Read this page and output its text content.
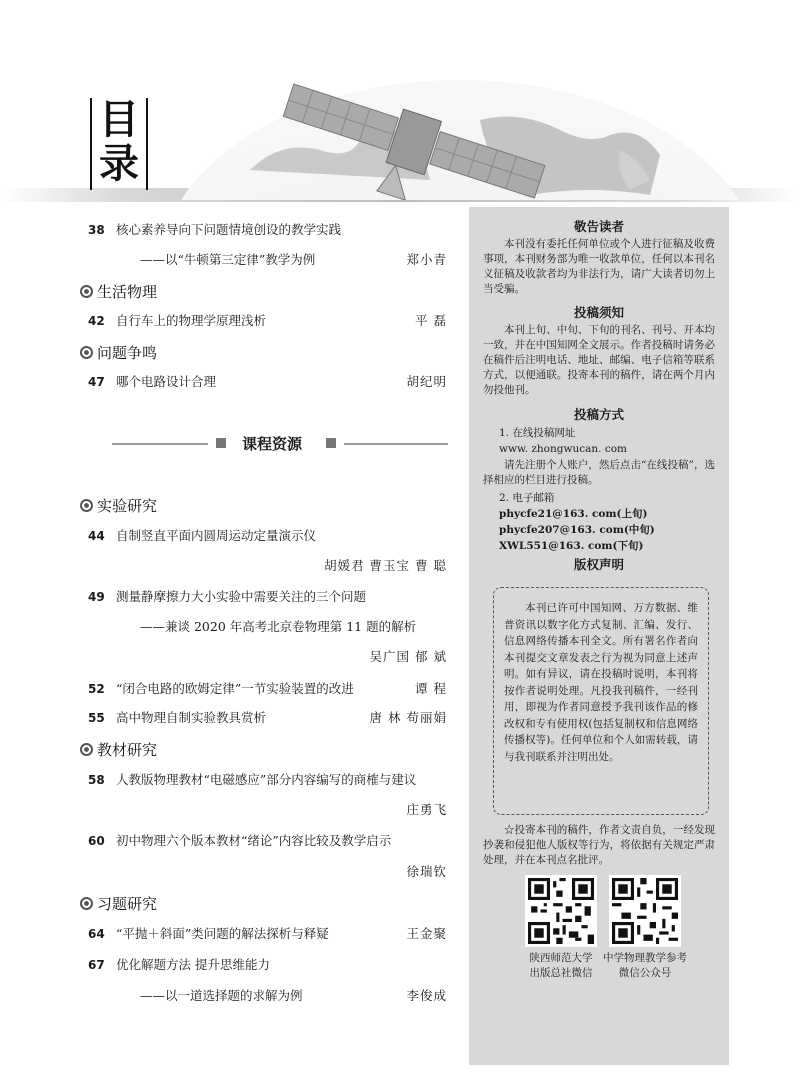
目
录
38 核心素养导向下问题情境创设的教学实践
——以“牛顿第三定律”教学为例	郑小青
生活物理
42 自行车上的物理学原理浅析	平 磊
问题争鸣
47 哪个电路设计合理	胡纪明
课程资源
实验研究
44 自制竖直平面内圆周运动定量演示仪
胡媛君 曹玉宝 曹 聪
49 测量静摩擦力大小实验中需要关注的三个问题
——兼谈 2020 年高考北京卷物理第 11 题的解析
吴广国 郁 斌
52 “闭合电路的欧姆定律”一节实验装置的改进	谭 程
55 高中物理自制实验教具赏析	唐 林 苟丽娟
教材研究
58 人教版物理教材“电磁感应”部分内容编写的商榷与建议
庄勇飞
60 初中物理六个版本教材“绪论”内容比较及教学启示
徐瑞钦
习题研究
64 “平抛＋斜面”类问题的解法探析与释疑	王金聚
67 优化解题方法 提升思维能力
——以一道选择题的求解为例	李俊成
敬告读者
本刊没有委托任何单位或个人进行征稿及收费事项，本刊财务部为唯一收款单位，任何以本刊名义征稿及收款者均为非法行为，请广大读者切勿上当受骗。
投稿须知
本刊上旬、中旬、下旬的刊名、刊号、开本均一致，并在中国知网全文展示。作者投稿时请务必在稿件后注明电话、地址、邮编、电子信箱等联系方式，以便通联。投寄本刊的稿件，请在两个月内勿投他刊。
投稿方式
1. 在线投稿网址
www. zhongwucan. com
请先注册个人账户，然后点击“在线投稿”，选择相应的栏目进行投稿。
2. 电子邮箱
phycfe21@163. com(上旬)
phycfe207@163. com(中旬)
XWL551@163. com(下旬)
版权声明
本刊已许可中国知网、万方数据、维普资讯以数字化方式复制、汇编、发行、信息网络传播本刊全文。所有署名作者向本刊提交文章发表之行为视为同意上述声明。如有异议，请在投稿时说明，本刊将按作者说明处理。凡投我刊稿件，一经刊用，即视为作者同意授予我刊该作品的修改权和专有使用权(包括复制权和信息网络传播权等)。任何单位和个人如需转载，请与我刊联系并注明出处。
☆投寄本刊的稿件，作者文责自负，一经发现抄袭和侵犯他人版权等行为，将依据有关规定严肃处理，并在本刊点名批评。
陕西师范大学
出版总社微信
中学物理教学参考
微信公众号
